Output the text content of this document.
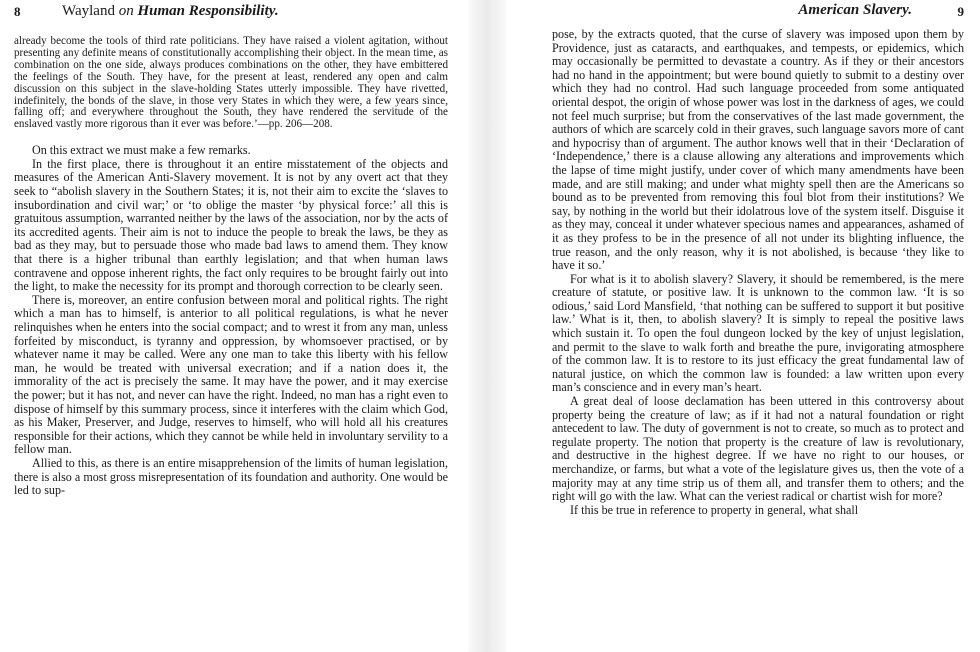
8	Wayland on Human Responsibility.
already become the tools of third rate politicians. They have raised a violent agitation, without presenting any definite means of constitutionally accomplishing their object. In the mean time, as combination on the one side, always produces combinations on the other, they have embittered the feelings of the South. They have, for the present at least, rendered any open and calm discussion on this subject in the slave-holding States utterly impossible. They have rivetted, indefinitely, the bonds of the slave, in those very States in which they were, a few years since, falling off; and everywhere throughout the South, they have rendered the servitude of the enslaved vastly more rigorous than it ever was before.’—pp. 206—208.

On this extract we must make a few remarks.

In the first place, there is throughout it an entire misstatement of the objects and measures of the American Anti-Slavery movement. It is not by any overt act that they seek to “abolish slavery in the Southern States; it is, not their aim to excite the ‘slaves to insubordination and civil war;’ or ‘to oblige the master ‘by physical force:’ all this is gratuitous assumption, warranted neither by the laws of the association, nor by the acts of its accredited agents. Their aim is not to induce the people to break the laws, be they as bad as they may, but to persuade those who made bad laws to amend them. They know that there is a higher tribunal than earthly legislation; and that when human laws contravene and oppose inherent rights, the fact only requires to be brought fairly out into the light, to make the necessity for its prompt and thorough correction to be clearly seen.

There is, moreover, an entire confusion between moral and political rights. The right which a man has to himself, is anterior to all political regulations, is what he never relinquishes when he enters into the social compact; and to wrest it from any man, unless forfeited by misconduct, is tyranny and oppression, by whomsoever practised, or by whatever name it may be called. Were any one man to take this liberty with his fellow man, he would be treated with universal execration; and if a nation does it, the immorality of the act is precisely the same. It may have the power, and it may exercise the power; but it has not, and never can have the right. Indeed, no man has a right even to dispose of himself by this summary process, since it interferes with the claim which God, as his Maker, Preserver, and Judge, reserves to himself, who will hold all his creatures responsible for their actions, which they cannot be while held in involuntary servility to a fellow man.

Allied to this, as there is an entire misapprehension of the limits of human legislation, there is also a most gross misrepresentation of its foundation and authority. One would be led to sup-

American Slavery.	9

pose, by the extracts quoted, that the curse of slavery was imposed upon them by Providence, just as cataracts, and earthquakes, and tempests, or epidemics, which may occasionally be permitted to devastate a country. As if they or their ancestors had no hand in the appointment; but were bound quietly to submit to a destiny over which they had no control. Had such language proceeded from some antiquated oriental despot, the origin of whose power was lost in the darkness of ages, we could not feel much surprise; but from the conservatives of the last made government, the authors of which are scarcely cold in their graves, such language savors more of cant and hypocrisy than of argument. The author knows well that in their ‘Declaration of ‘Independence,’ there is a clause allowing any alterations and improvements which the lapse of time might justify, under cover of which many amendments have been made, and are still making; and under what mighty spell then are the Americans so bound as to be prevented from removing this foul blot from their institutions? We say, by nothing in the world but their idolatrous love of the system itself. Disguise it as they may, conceal it under whatever specious names and appearances, ashamed of it as they profess to be in the presence of all not under its blighting influence, the true reason, and the only reason, why it is not abolished, is because ‘they like to have it so.’

For what is it to abolish slavery? Slavery, it should be remembered, is the mere creature of statute, or positive law. It is unknown to the common law. ‘It is so odious,’ said Lord Mansfield, ‘that nothing can be suffered to support it but positive law.’ What is it, then, to abolish slavery? It is simply to repeal the positive laws which sustain it. To open the foul dungeon locked by the key of unjust legislation, and permit to the slave to walk forth and breathe the pure, invigorating atmosphere of the common law. It is to restore to its just efficacy the great fundamental law of natural justice, on which the common law is founded: a law written upon every man’s conscience and in every man’s heart.

A great deal of loose declamation has been uttered in this controversy about property being the creature of law; as if it had not a natural foundation or right antecedent to law. The duty of government is not to create, so much as to protect and regulate property. The notion that property is the creature of law is revolutionary, and destructive in the highest degree. If we have no right to our houses, or merchandize, or farms, but what a vote of the legislature gives us, then the vote of a majority may at any time strip us of them all, and transfer them to others; and the right will go with the law. What can the veriest radical or chartist wish for more?

If this be true in reference to property in general, what shall
